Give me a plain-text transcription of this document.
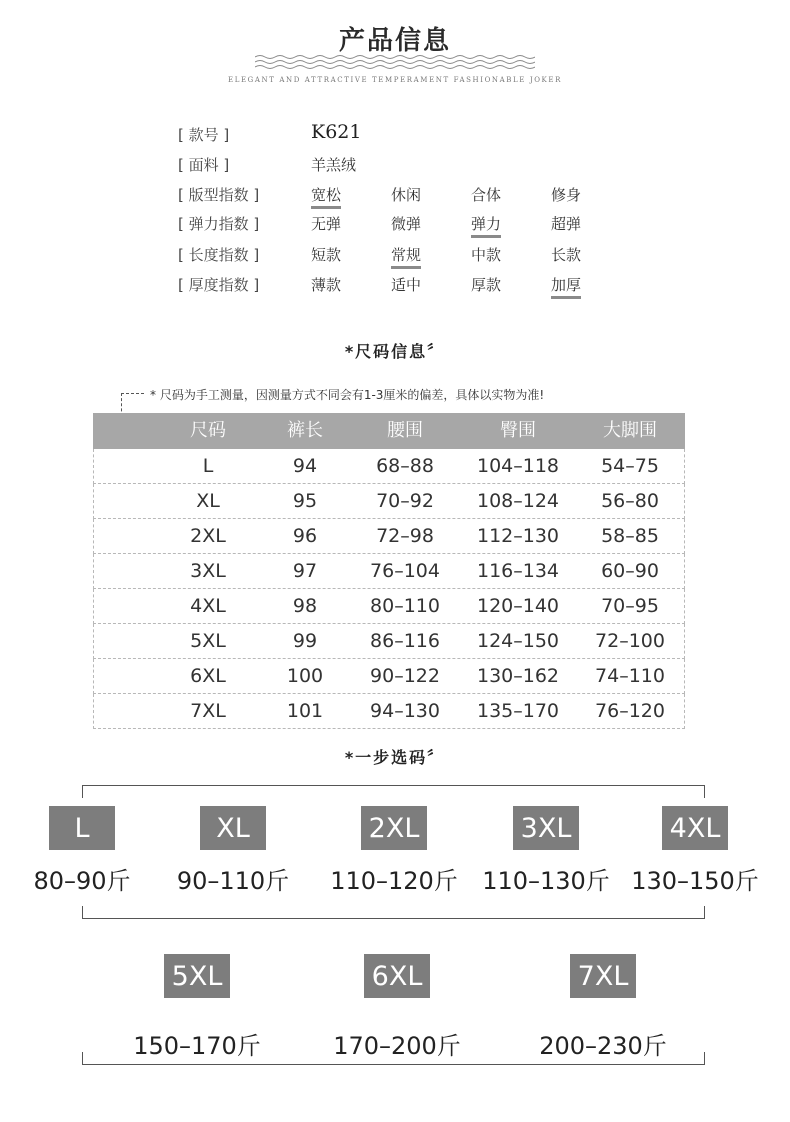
产品信息
ELEGANT AND ATTRACTIVE TEMPERAMENT FASHIONABLE JOKER
[ 款号 ]	K621
[ 面料 ]	羊羔绒
[ 版型指数 ]	宽松	休闲	合体	修身
[ 弹力指数 ]	无弹	微弹	弹力	超弹
[ 长度指数 ]	短款	常规	中款	长款
[ 厚度指数 ]	薄款	适中	厚款	加厚
*尺码信息〞
* 尺码为手工测量，因测量方式不同会有1-3厘米的偏差，具体以实物为准!
尺码	裤长	腰围	臀围	大脚围
L	94	68–88	104–118	54–75
XL	95	70–92	108–124	56–80
2XL	96	72–98	112–130	58–85
3XL	97	76–104	116–134	60–90
4XL	98	80–110	120–140	70–95
5XL	99	86–116	124–150	72–100
6XL	100	90–122	130–162	74–110
7XL	101	94–130	135–170	76–120
*一步选码〞
L
80–90斤
XL
90–110斤
2XL
110–120斤
3XL
110–130斤
4XL
130–150斤
5XL
150–170斤
6XL
170–200斤
7XL
200–230斤
